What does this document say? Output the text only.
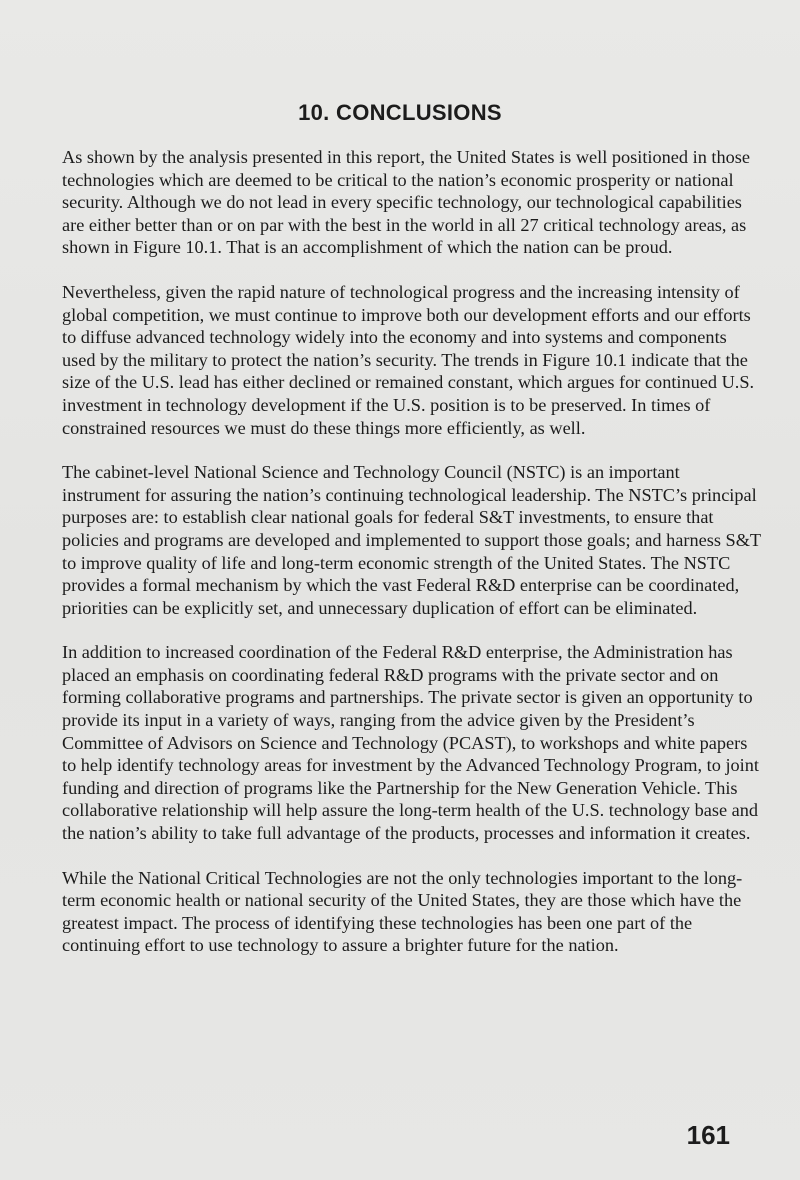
10. CONCLUSIONS

As shown by the analysis presented in this report, the United States is well positioned in those technologies which are deemed to be critical to the nation’s economic prosperity or national security. Although we do not lead in every specific technology, our technological capabilities are either better than or on par with the best in the world in all 27 critical technology areas, as shown in Figure 10.1. That is an accomplishment of which the nation can be proud.

Nevertheless, given the rapid nature of technological progress and the increasing intensity of global competition, we must continue to improve both our development efforts and our efforts to diffuse advanced technology widely into the economy and into systems and components used by the military to protect the nation’s security. The trends in Figure 10.1 indicate that the size of the U.S. lead has either declined or remained constant, which argues for continued U.S. investment in technology development if the U.S. position is to be preserved. In times of constrained resources we must do these things more efficiently, as well.

The cabinet-level National Science and Technology Council (NSTC) is an important instrument for assuring the nation’s continuing technological leadership. The NSTC’s principal purposes are: to establish clear national goals for federal S&T investments, to ensure that policies and programs are developed and implemented to support those goals; and harness S&T to improve quality of life and long-term economic strength of the United States. The NSTC provides a formal mechanism by which the vast Federal R&D enterprise can be coordinated, priorities can be explicitly set, and unnecessary duplication of effort can be eliminated.

In addition to increased coordination of the Federal R&D enterprise, the Administration has placed an emphasis on coordinating federal R&D programs with the private sector and on forming collaborative programs and partnerships. The private sector is given an opportunity to provide its input in a variety of ways, ranging from the advice given by the President’s Committee of Advisors on Science and Technology (PCAST), to workshops and white papers to help identify technology areas for investment by the Advanced Technology Program, to joint funding and direction of programs like the Partnership for the New Generation Vehicle. This collaborative relationship will help assure the long-term health of the U.S. technology base and the nation’s ability to take full advantage of the products, processes and information it creates.

While the National Critical Technologies are not the only technologies important to the long-term economic health or national security of the United States, they are those which have the greatest impact. The process of identifying these technologies has been one part of the continuing effort to use technology to assure a brighter future for the nation.

161
